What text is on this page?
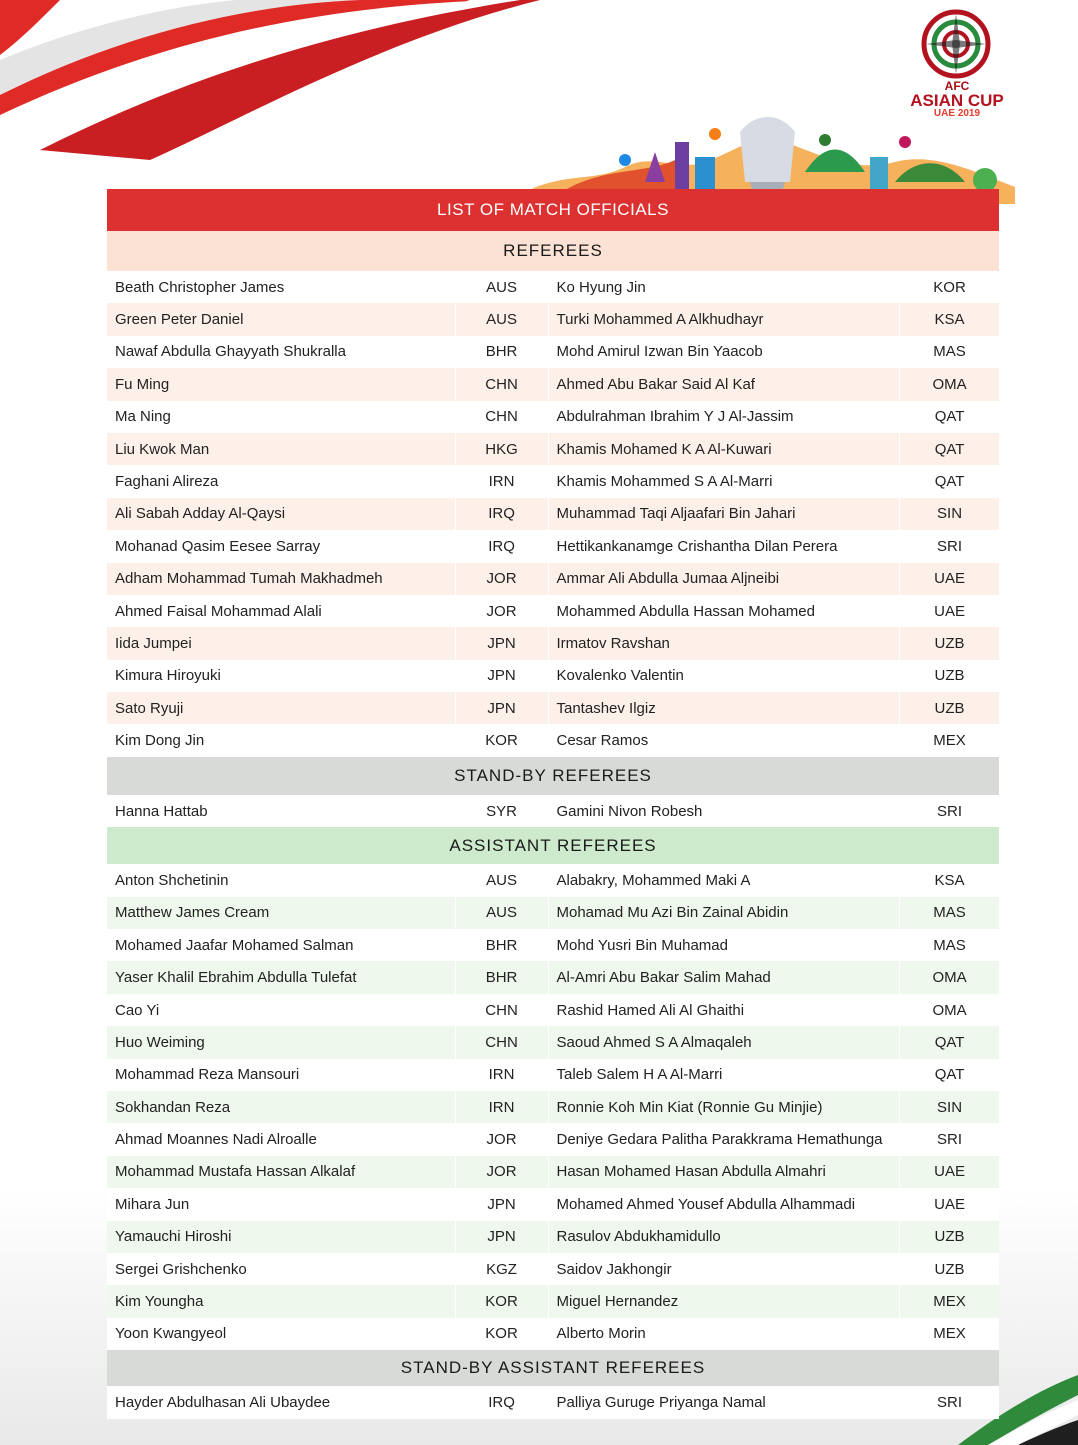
AFC
ASIAN CUP
UAE 2019
LIST OF MATCH OFFICIALS
REFEREES
Beath Christopher James	AUS	Ko Hyung Jin	KOR
Green Peter Daniel	AUS	Turki Mohammed A Alkhudhayr	KSA
Nawaf Abdulla Ghayyath Shukralla	BHR	Mohd Amirul Izwan Bin Yaacob	MAS
Fu Ming	CHN	Ahmed Abu Bakar Said Al Kaf	OMA
Ma Ning	CHN	Abdulrahman Ibrahim Y J Al-Jassim	QAT
Liu Kwok Man	HKG	Khamis Mohamed K A Al-Kuwari	QAT
Faghani Alireza	IRN	Khamis Mohammed S A Al-Marri	QAT
Ali Sabah Adday Al-Qaysi	IRQ	Muhammad Taqi Aljaafari Bin Jahari	SIN
Mohanad Qasim Eesee Sarray	IRQ	Hettikankanamge Crishantha Dilan Perera	SRI
Adham Mohammad Tumah Makhadmeh	JOR	Ammar Ali Abdulla Jumaa Aljneibi	UAE
Ahmed Faisal Mohammad Alali	JOR	Mohammed Abdulla Hassan Mohamed	UAE
Iida Jumpei	JPN	Irmatov Ravshan	UZB
Kimura Hiroyuki	JPN	Kovalenko Valentin	UZB
Sato Ryuji	JPN	Tantashev Ilgiz	UZB
Kim Dong Jin	KOR	Cesar Ramos	MEX
STAND-BY REFEREES
Hanna Hattab	SYR	Gamini Nivon Robesh	SRI
ASSISTANT REFEREES
Anton Shchetinin	AUS	Alabakry, Mohammed Maki A	KSA
Matthew James Cream	AUS	Mohamad Mu Azi Bin Zainal Abidin	MAS
Mohamed Jaafar Mohamed Salman	BHR	Mohd Yusri Bin Muhamad	MAS
Yaser Khalil Ebrahim Abdulla Tulefat	BHR	Al-Amri Abu Bakar Salim Mahad	OMA
Cao Yi	CHN	Rashid Hamed Ali Al Ghaithi	OMA
Huo Weiming	CHN	Saoud Ahmed S A Almaqaleh	QAT
Mohammad Reza Mansouri	IRN	Taleb Salem H A Al-Marri	QAT
Sokhandan Reza	IRN	Ronnie Koh Min Kiat (Ronnie Gu Minjie)	SIN
Ahmad Moannes Nadi Alroalle	JOR	Deniye Gedara Palitha Parakkrama Hemathunga	SRI
Mohammad Mustafa Hassan Alkalaf	JOR	Hasan Mohamed Hasan Abdulla Almahri	UAE
Mihara Jun	JPN	Mohamed Ahmed Yousef Abdulla Alhammadi	UAE
Yamauchi Hiroshi	JPN	Rasulov Abdukhamidullo	UZB
Sergei Grishchenko	KGZ	Saidov Jakhongir	UZB
Kim Youngha	KOR	Miguel Hernandez	MEX
Yoon Kwangyeol	KOR	Alberto Morin	MEX
STAND-BY ASSISTANT REFEREES
Hayder Abdulhasan Ali Ubaydee	IRQ	Palliya Guruge Priyanga Namal	SRI
